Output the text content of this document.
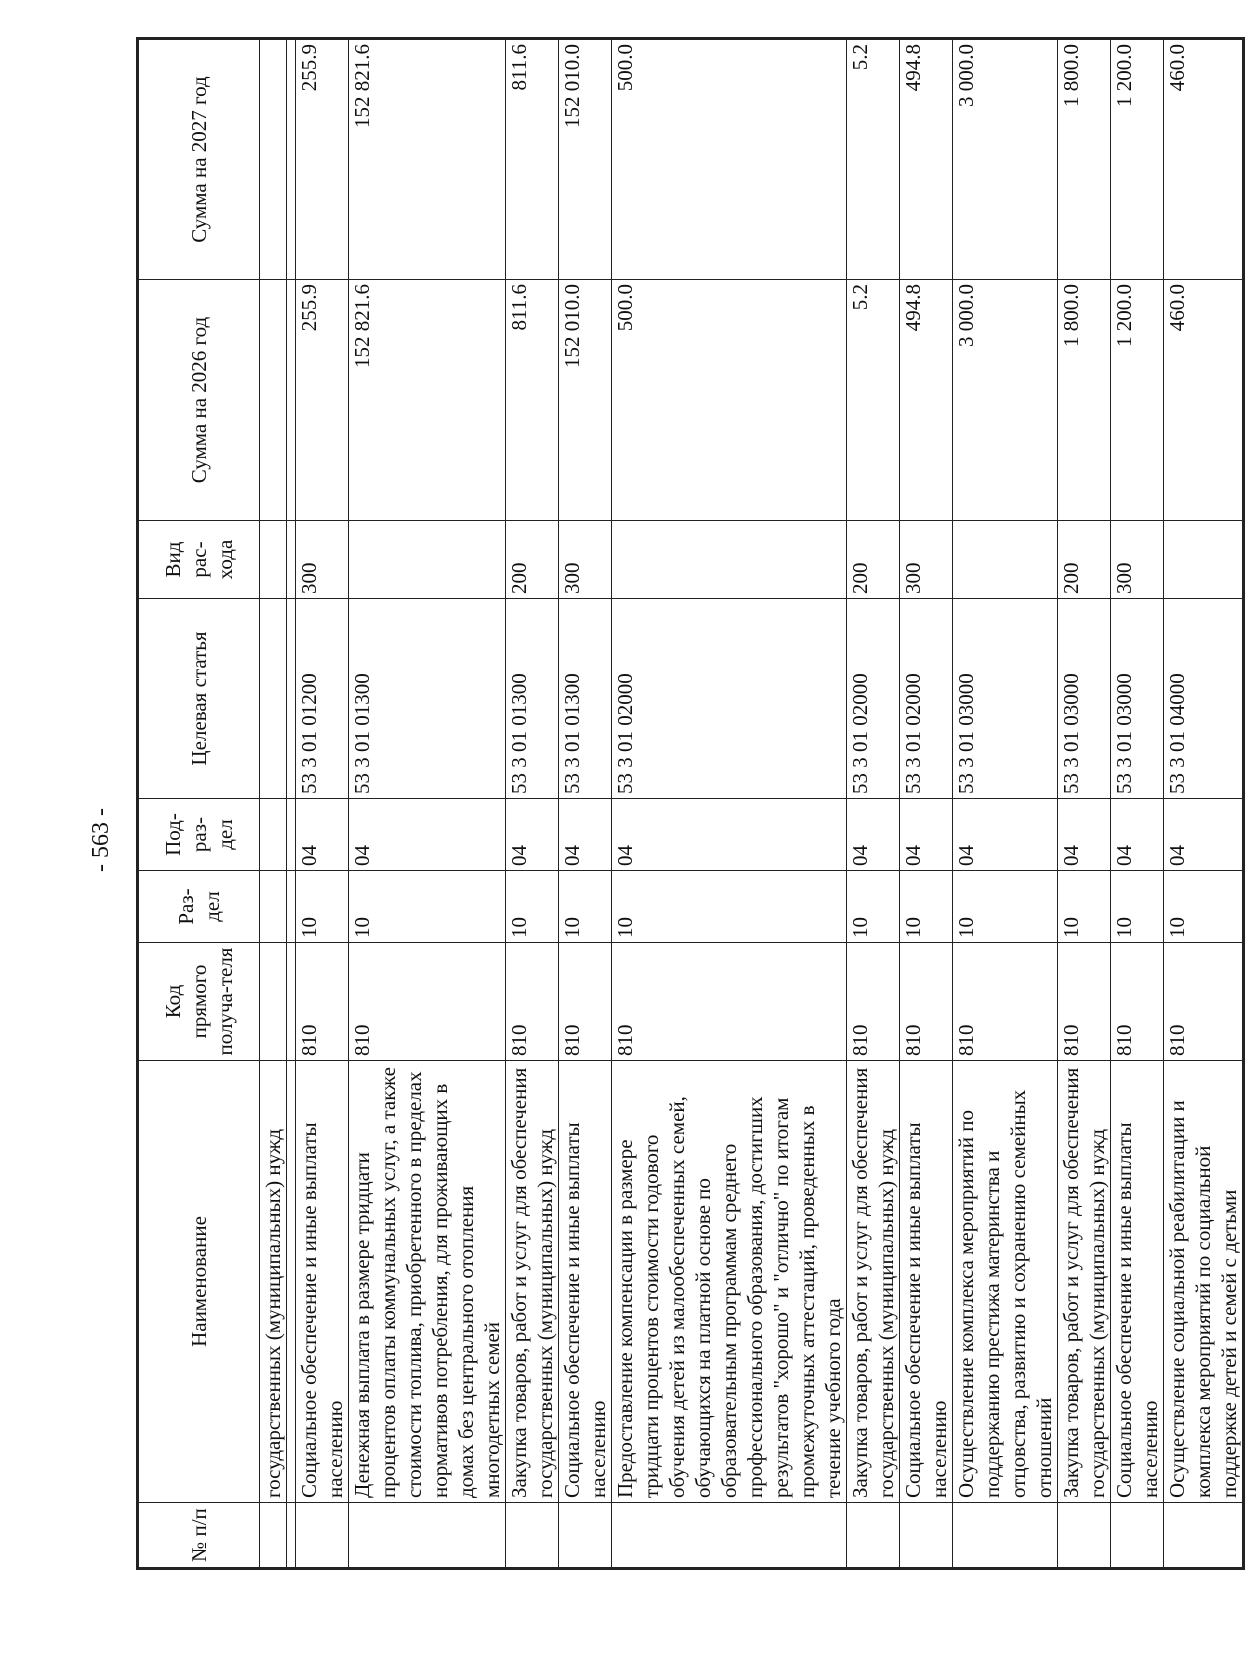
- 563 -
№ п/п	Наименование	Код прямого получа-теля	Раз-дел	Под-раз-дел	Целевая статья	Вид рас-хода	Сумма на 2026 год	Сумма на 2027 год
	государственных (муниципальных) нужд							

	Социальное обеспечение и иные выплаты населению	810	10	04	53 3 01 01200	300	255.9	255.9
	Денежная выплата в размере тридцати процентов оплаты коммунальных услуг, а также стоимости топлива, приобретенного в пределах нормативов потребления, для проживающих в домах без центрального отопления многодетных семей	810	10	04	53 3 01 01300		152 821.6	152 821.6
	Закупка товаров, работ и услуг для обеспечения государственных (муниципальных) нужд	810	10	04	53 3 01 01300	200	811.6	811.6
	Социальное обеспечение и иные выплаты населению	810	10	04	53 3 01 01300	300	152 010.0	152 010.0
	Предоставление компенсации в размере тридцати процентов стоимости годового обучения детей из малообеспеченных семей, обучающихся на платной основе по образовательным программам среднего профессионального образования, достигших результатов "хорошо" и "отлично" по итогам промежуточных аттестаций, проведенных в течение учебного года	810	10	04	53 3 01 02000		500.0	500.0
	Закупка товаров, работ и услуг для обеспечения государственных (муниципальных) нужд	810	10	04	53 3 01 02000	200	5.2	5.2
	Социальное обеспечение и иные выплаты населению	810	10	04	53 3 01 02000	300	494.8	494.8
	Осуществление комплекса мероприятий по поддержанию престижа материнства и отцовства, развитию и сохранению семейных отношений	810	10	04	53 3 01 03000		3 000.0	3 000.0
	Закупка товаров, работ и услуг для обеспечения государственных (муниципальных) нужд	810	10	04	53 3 01 03000	200	1 800.0	1 800.0
	Социальное обеспечение и иные выплаты населению	810	10	04	53 3 01 03000	300	1 200.0	1 200.0
	Осуществление социальной реабилитации и комплекса мероприятий по социальной поддержке детей и семей с детьми	810	10	04	53 3 01 04000		460.0	460.0
